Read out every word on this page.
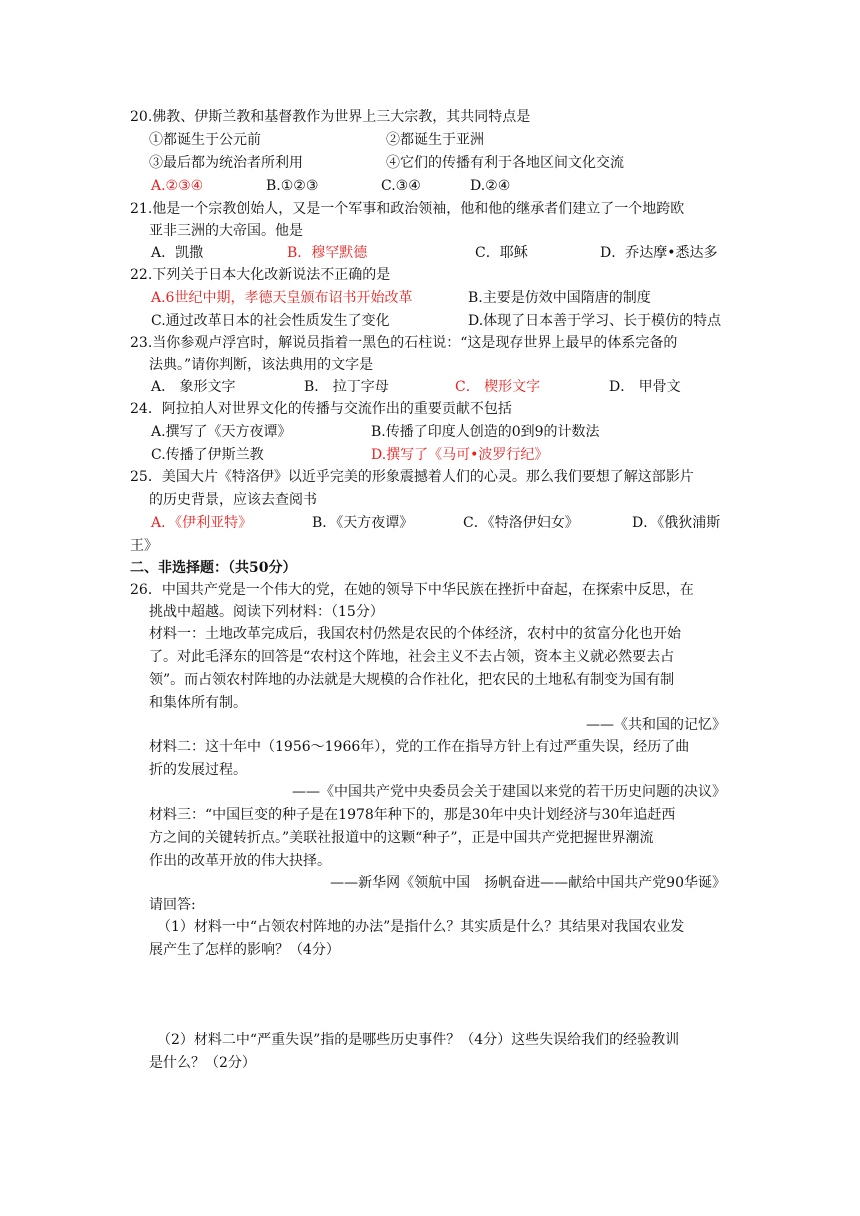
20.佛教、伊斯兰教和基督教作为世界上三大宗教，其共同特点是
①都诞生于公元前	②都诞生于亚洲
③最后都为统治者所利用	④它们的传播有利于各地区间文化交流
A.②③④	B.①②③	C.③④	D.②④
21.他是一个宗教创始人，又是一个军事和政治领袖，他和他的继承者们建立了一个地跨欧
亚非三洲的大帝国。他是
A．凯撒	B．穆罕默德	C．耶稣	D．乔达摩•悉达多
22.下列关于日本大化改新说法不正确的是
A.6世纪中期，孝德天皇颁布诏书开始改革	B.主要是仿效中国隋唐的制度
C.通过改革日本的社会性质发生了变化	D.体现了日本善于学习、长于模仿的特点
23.当你参观卢浮宫时，解说员指着一黑色的石柱说：“这是现存世界上最早的体系完备的
法典。”请你判断，该法典用的文字是
A． 象形文字	B． 拉丁字母	C． 楔形文字	D． 甲骨文
24．阿拉拍人对世界文化的传播与交流作出的重要贡献不包括
A.撰写了《天方夜谭》	B.传播了印度人创造的0到9的计数法
C.传播了伊斯兰教	D.撰写了《马可•波罗行纪》
25．美国大片《特洛伊》以近乎完美的形象震撼着人们的心灵。那么我们要想了解这部影片
的历史背景，应该去查阅书
A．《伊利亚特》	B．《天方夜谭》	C．《特洛伊妇女》	D．《俄狄浦斯
王》
二、非选择题：（共50分）
26．中国共产党是一个伟大的党，在她的领导下中华民族在挫折中奋起，在探索中反思，在
挑战中超越。阅读下列材料：（15分）
材料一：土地改革完成后，我国农村仍然是农民的个体经济，农村中的贫富分化也开始
了。对此毛泽东的回答是“农村这个阵地，社会主义不去占领，资本主义就必然要去占
领”。而占领农村阵地的办法就是大规模的合作社化，把农民的土地私有制变为国有制
和集体所有制。
——《共和国的记忆》
材料二：这十年中（1956～1966年），党的工作在指导方针上有过严重失误，经历了曲
折的发展过程。
——《中国共产党中央委员会关于建国以来党的若干历史问题的决议》
材料三：“中国巨变的种子是在1978年种下的，那是30年中央计划经济与30年追赶西
方之间的关键转折点。”美联社报道中的这颗“种子”，正是中国共产党把握世界潮流
作出的改革开放的伟大抉择。
——新华网《领航中国　扬帆奋进——献给中国共产党90华诞》
请回答:
（1）材料一中“占领农村阵地的办法”是指什么？其实质是什么？其结果对我国农业发
展产生了怎样的影响？（4分）
（2）材料二中“严重失误”指的是哪些历史事件？（4分）这些失误给我们的经验教训
是什么？（2分）
